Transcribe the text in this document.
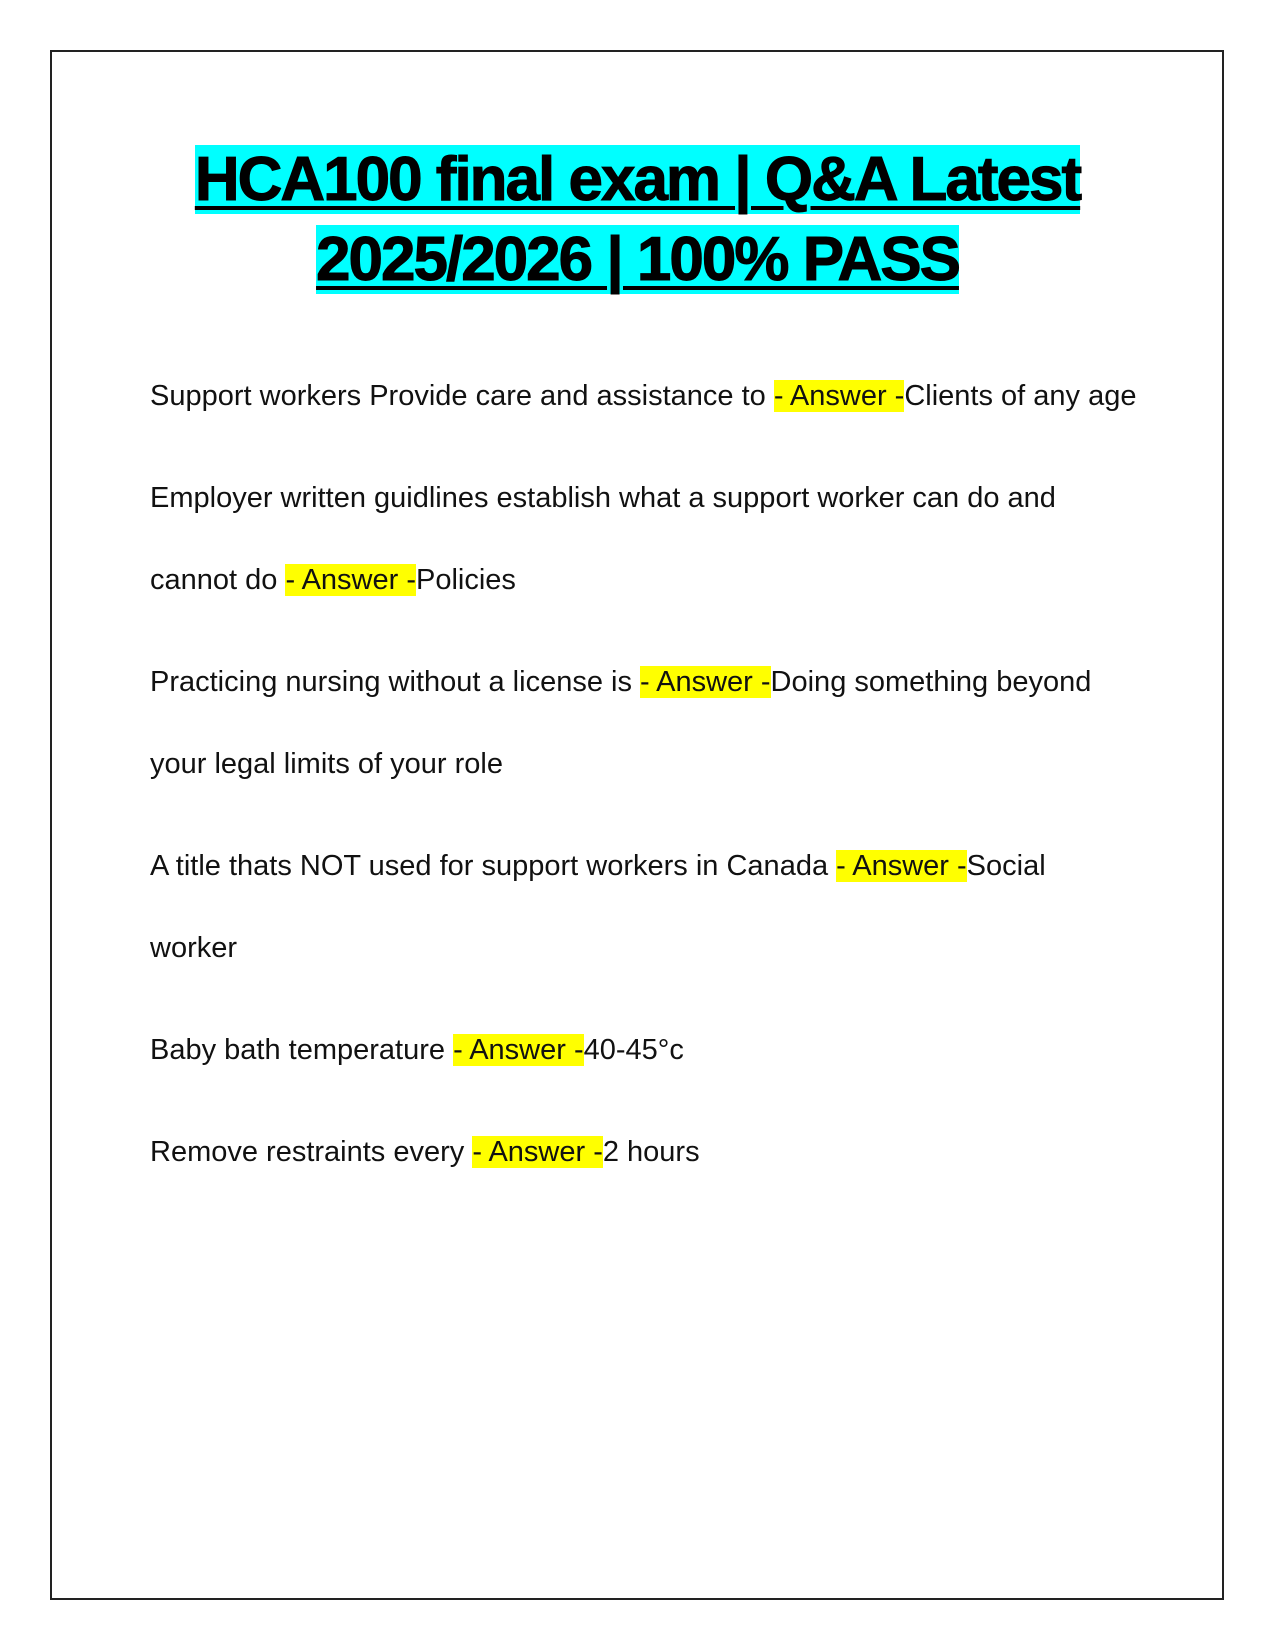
HCA100 final exam | Q&A Latest 2025/2026 | 100% PASS

Support workers Provide care and assistance to - Answer -Clients of any age

Employer written guidlines establish what a support worker can do and cannot do - Answer -Policies

Practicing nursing without a license is - Answer -Doing something beyond your legal limits of your role

A title thats NOT used for support workers in Canada - Answer -Social worker

Baby bath temperature - Answer -40-45°c

Remove restraints every - Answer -2 hours
